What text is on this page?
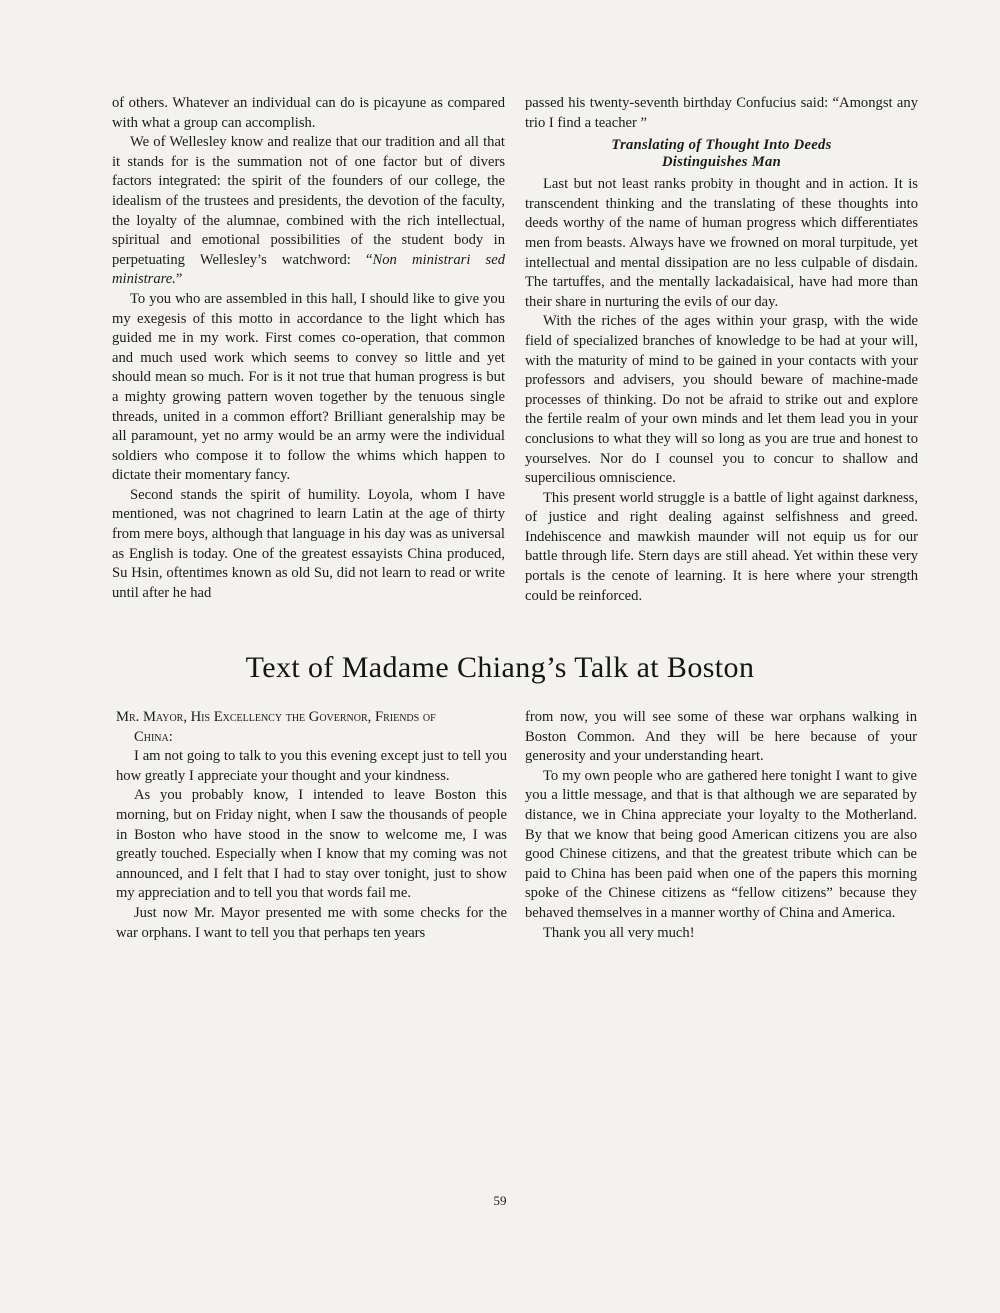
of others. Whatever an individual can do is picayune as compared with what a group can accomplish.

We of Wellesley know and realize that our tradition and all that it stands for is the summation not of one factor but of divers factors integrated: the spirit of the founders of our college, the idealism of the trustees and presidents, the devotion of the faculty, the loyalty of the alumnae, combined with the rich intellectual, spiritual and emotional possibilities of the student body in perpetuating Wellesley’s watchword: “Non ministrari sed ministrare.”

To you who are assembled in this hall, I should like to give you my exegesis of this motto in accordance to the light which has guided me in my work. First comes co-operation, that common and much used work which seems to convey so little and yet should mean so much. For is it not true that human progress is but a mighty growing pattern woven together by the tenuous single threads, united in a common effort? Brilliant generalship may be all paramount, yet no army would be an army were the individual soldiers who compose it to follow the whims which happen to dictate their momentary fancy.

Second stands the spirit of humility. Loyola, whom I have mentioned, was not chagrined to learn Latin at the age of thirty from mere boys, although that language in his day was as universal as English is today. One of the greatest essayists China produced, Su Hsin, oftentimes known as old Su, did not learn to read or write until after he had

passed his twenty-seventh birthday Confucius said: “Amongst any trio I find a teacher ”

Translating of Thought Into Deeds
Distinguishes Man

Last but not least ranks probity in thought and in action. It is transcendent thinking and the translating of these thoughts into deeds worthy of the name of human progress which differentiates men from beasts. Always have we frowned on moral turpitude, yet intellectual and mental dissipation are no less culpable of disdain. The tartuffes, and the mentally lackadaisical, have had more than their share in nurturing the evils of our day.

With the riches of the ages within your grasp, with the wide field of specialized branches of knowledge to be had at your will, with the maturity of mind to be gained in your contacts with your professors and advisers, you should beware of machine-made processes of thinking. Do not be afraid to strike out and explore the fertile realm of your own minds and let them lead you in your conclusions to what they will so long as you are true and honest to yourselves. Nor do I counsel you to concur to shallow and supercilious omniscience.

This present world struggle is a battle of light against darkness, of justice and right dealing against selfishness and greed. Indehiscence and mawkish maunder will not equip us for our battle through life. Stern days are still ahead. Yet within these very portals is the cenote of learning. It is here where your strength could be reinforced.

Text of Madame Chiang’s Talk at Boston

Mr. Mayor, His Excellency the Governor, Friends of
China:

I am not going to talk to you this evening except just to tell you how greatly I appreciate your thought and your kindness.

As you probably know, I intended to leave Boston this morning, but on Friday night, when I saw the thousands of people in Boston who have stood in the snow to welcome me, I was greatly touched. Especially when I know that my coming was not announced, and I felt that I had to stay over tonight, just to show my appreciation and to tell you that words fail me.

Just now Mr. Mayor presented me with some checks for the war orphans. I want to tell you that perhaps ten years

from now, you will see some of these war orphans walking in Boston Common. And they will be here because of your generosity and your understanding heart.

To my own people who are gathered here tonight I want to give you a little message, and that is that although we are separated by distance, we in China appreciate your loyalty to the Motherland. By that we know that being good American citizens you are also good Chinese citizens, and that the greatest tribute which can be paid to China has been paid when one of the papers this morning spoke of the Chinese citizens as “fellow citizens” because they behaved themselves in a manner worthy of China and America.

Thank you all very much!

59
